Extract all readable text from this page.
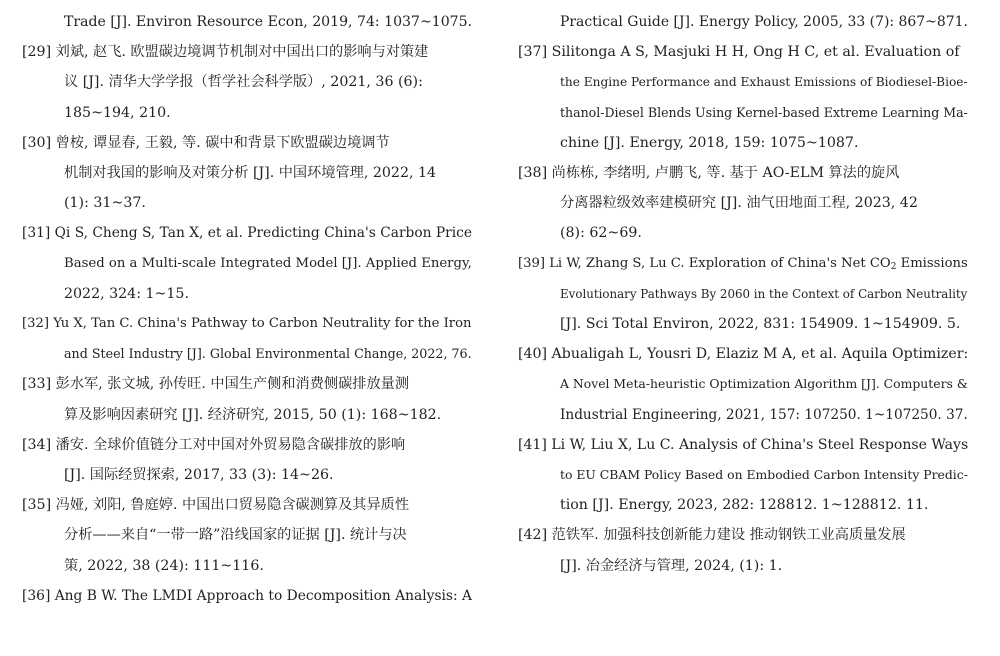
Trade [J]. Environ Resource Econ, 2019, 74: 1037~1075.
[29] 刘斌, 赵飞. 欧盟碳边境调节机制对中国出口的影响与对策建
议 [J]. 清华大学学报（哲学社会科学版）, 2021, 36 (6):
185~194, 210.
[30] 曾桉, 谭显春, 王毅, 等. 碳中和背景下欧盟碳边境调节
机制对我国的影响及对策分析 [J]. 中国环境管理, 2022, 14
(1): 31~37.
[31] Qi S, Cheng S, Tan X, et al. Predicting China's Carbon Price
Based on a Multi-scale Integrated Model [J]. Applied Energy,
2022, 324: 1~15.
[32] Yu X, Tan C. China's Pathway to Carbon Neutrality for the Iron
and Steel Industry [J]. Global Environmental Change, 2022, 76.
[33] 彭水军, 张文城, 孙传旺. 中国生产侧和消费侧碳排放量测
算及影响因素研究 [J]. 经济研究, 2015, 50 (1): 168~182.
[34] 潘安. 全球价值链分工对中国对外贸易隐含碳排放的影响
[J]. 国际经贸探索, 2017, 33 (3): 14~26.
[35] 冯娅, 刘阳, 鲁庭婷. 中国出口贸易隐含碳测算及其异质性
分析——来自“一带一路”沿线国家的证据 [J]. 统计与决
策, 2022, 38 (24): 111~116.
[36] Ang B W. The LMDI Approach to Decomposition Analysis: A
Practical Guide [J]. Energy Policy, 2005, 33 (7): 867~871.
[37] Silitonga A S, Masjuki H H, Ong H C, et al. Evaluation of
the Engine Performance and Exhaust Emissions of Biodiesel-Bioe-
thanol-Diesel Blends Using Kernel-based Extreme Learning Ma-
chine [J]. Energy, 2018, 159: 1075~1087.
[38] 尚栋栋, 李绪明, 卢鹏飞, 等. 基于 AO-ELM 算法的旋风
分离器粒级效率建模研究 [J]. 油气田地面工程, 2023, 42
(8): 62~69.
[39] Li W, Zhang S, Lu C. Exploration of China's Net $CO_2$ Emissions
Evolutionary Pathways By 2060 in the Context of Carbon Neutrality
[J]. Sci Total Environ, 2022, 831: 154909. 1~154909. 5.
[40] Abualigah L, Yousri D, Elaziz M A, et al. Aquila Optimizer:
A Novel Meta-heuristic Optimization Algorithm [J]. Computers &
Industrial Engineering, 2021, 157: 107250. 1~107250. 37.
[41] Li W, Liu X, Lu C. Analysis of China's Steel Response Ways
to EU CBAM Policy Based on Embodied Carbon Intensity Predic-
tion [J]. Energy, 2023, 282: 128812. 1~128812. 11.
[42] 范铁军. 加强科技创新能力建设 推动钢铁工业高质量发展
[J]. 冶金经济与管理, 2024, (1): 1.
